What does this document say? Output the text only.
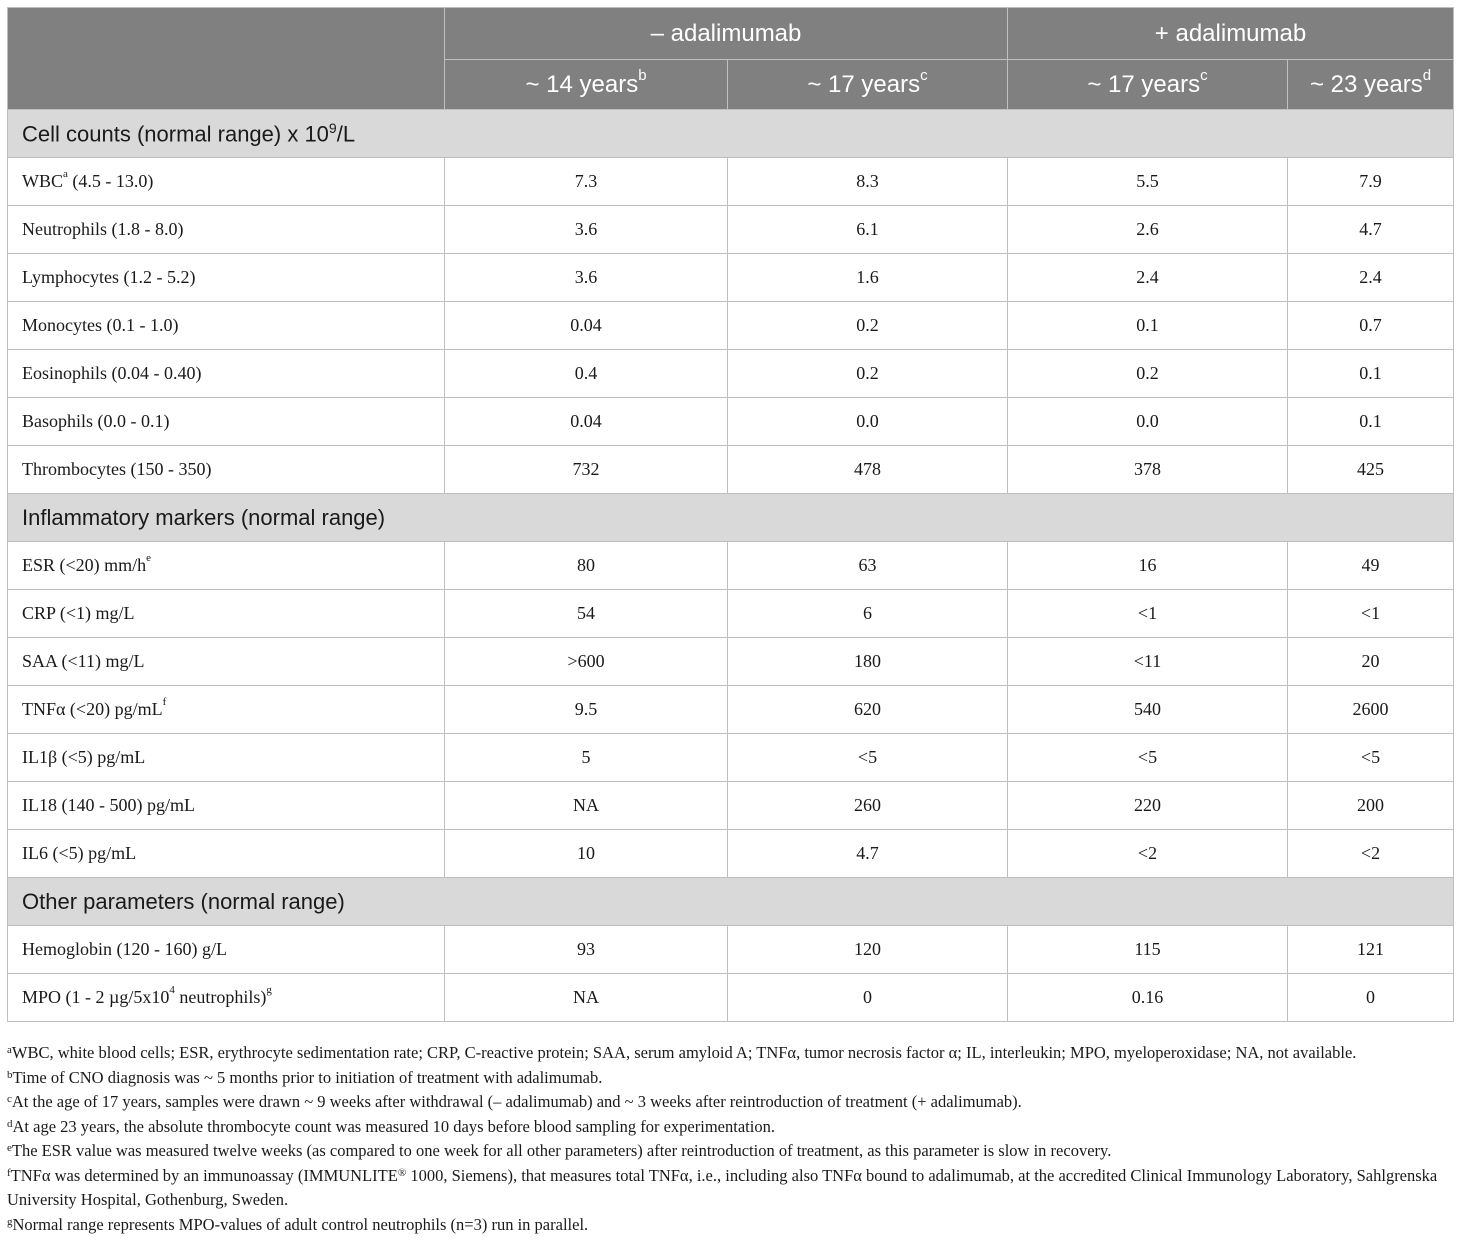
	– adalimumab		+ adalimumab	
	~ 14 years$^b$	~ 17 years$^c$	~ 17 years$^c$	~ 23 years$^d$
Cell counts (normal range) x $10^9/L$				
WBC$^a$ (4.5 - 13.0)	7.3	8.3	5.5	7.9
Neutrophils (1.8 - 8.0)	3.6	6.1	2.6	4.7
Lymphocytes (1.2 - 5.2)	3.6	1.6	2.4	2.4
Monocytes (0.1 - 1.0)	0.04	0.2	0.1	0.7
Eosinophils (0.04 - 0.40)	0.4	0.2	0.2	0.1
Basophils (0.0 - 0.1)	0.04	0.0	0.0	0.1
Thrombocytes (150 - 350)	732	478	378	425
Inflammatory markers (normal range)				
ESR (<20) $mm/h^e$	80	63	16	49
CRP (<1) mg/L	54	6	<1	<1
SAA (<11) mg/L	>600	180	<11	20
TNFα (<20) $pg/mL^f$	9.5	620	540	2600
IL1β (<5) pg/mL	5	<5	<5	<5
IL18 (140 - 500) pg/mL	NA	260	220	200
IL6 (<5) pg/mL	10	4.7	<2	<2
Other parameters (normal range)				
Hemoglobin (120 - 160) g/L	93	120	115	121
MPO (1 - 2 $\mu g/5x10^4$ neutrophils)$^g$	NA	0	0.16	0

$^a$WBC, white blood cells; ESR, erythrocyte sedimentation rate; CRP, C-reactive protein; SAA, serum amyloid A; TNFα, tumor necrosis factor α; IL, interleukin; MPO, myeloperoxidase; NA, not available.

$^b$Time of CNO diagnosis was ~ 5 months prior to initiation of treatment with adalimumab.

$^c$At the age of 17 years, samples were drawn ~ 9 weeks after withdrawal (– adalimumab) and ~ 3 weeks after reintroduction of treatment (+ adalimumab).

$^d$At age 23 years, the absolute thrombocyte count was measured 10 days before blood sampling for experimentation.

$^e$The ESR value was measured twelve weeks (as compared to one week for all other parameters) after reintroduction of treatment, as this parameter is slow in recovery.

$^f$TNFα was determined by an immunoassay (IMMUNLITE® 1000, Siemens), that measures total TNFα, i.e., including also TNFα bound to adalimumab, at the accredited Clinical Immunology Laboratory, Sahlgrenska University Hospital, Gothenburg, Sweden.

$^g$Normal range represents MPO-values of adult control neutrophils (n=3) run in parallel.
